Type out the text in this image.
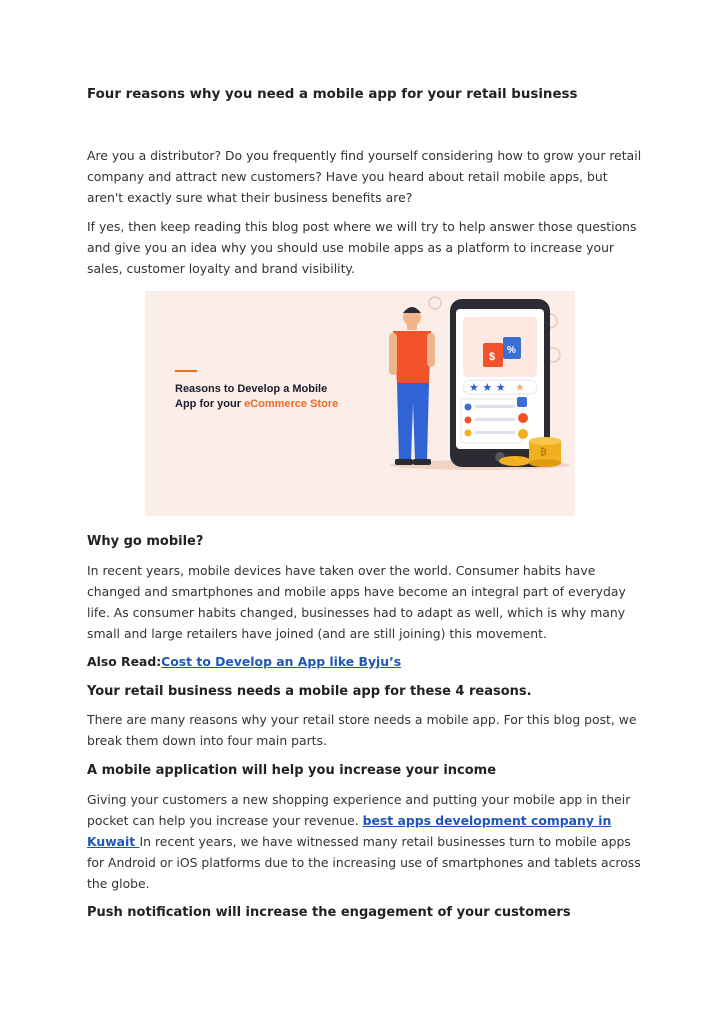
Four reasons why you need a mobile app for your retail business

Are you a distributor? Do you frequently find yourself considering how to grow your retail
company and attract new customers? Have you heard about retail mobile apps, but
aren't exactly sure what their business benefits are?

If yes, then keep reading this blog post where we will try to help answer those questions
and give you an idea why you should use mobile apps as a platform to increase your
sales, customer loyalty and brand visibility.

Reasons to Develop a Mobile
App for your eCommerce Store
$
%
★ ★ ★ ★
₿
Why go mobile?

In recent years, mobile devices have taken over the world. Consumer habits have
changed and smartphones and mobile apps have become an integral part of everyday
life. As consumer habits changed, businesses had to adapt as well, which is why many
small and large retailers have joined (and are still joining) this movement.

Also Read:Cost to Develop an App like Byju’s

Your retail business needs a mobile app for these 4 reasons.

There are many reasons why your retail store needs a mobile app. For this blog post, we
break them down into four main parts.

A mobile application will help you increase your income

Giving your customers a new shopping experience and putting your mobile app in their
pocket can help you increase your revenue. best apps development company in
Kuwait In recent years, we have witnessed many retail businesses turn to mobile apps
for Android or iOS platforms due to the increasing use of smartphones and tablets across
the globe.

Push notification will increase the engagement of your customers
